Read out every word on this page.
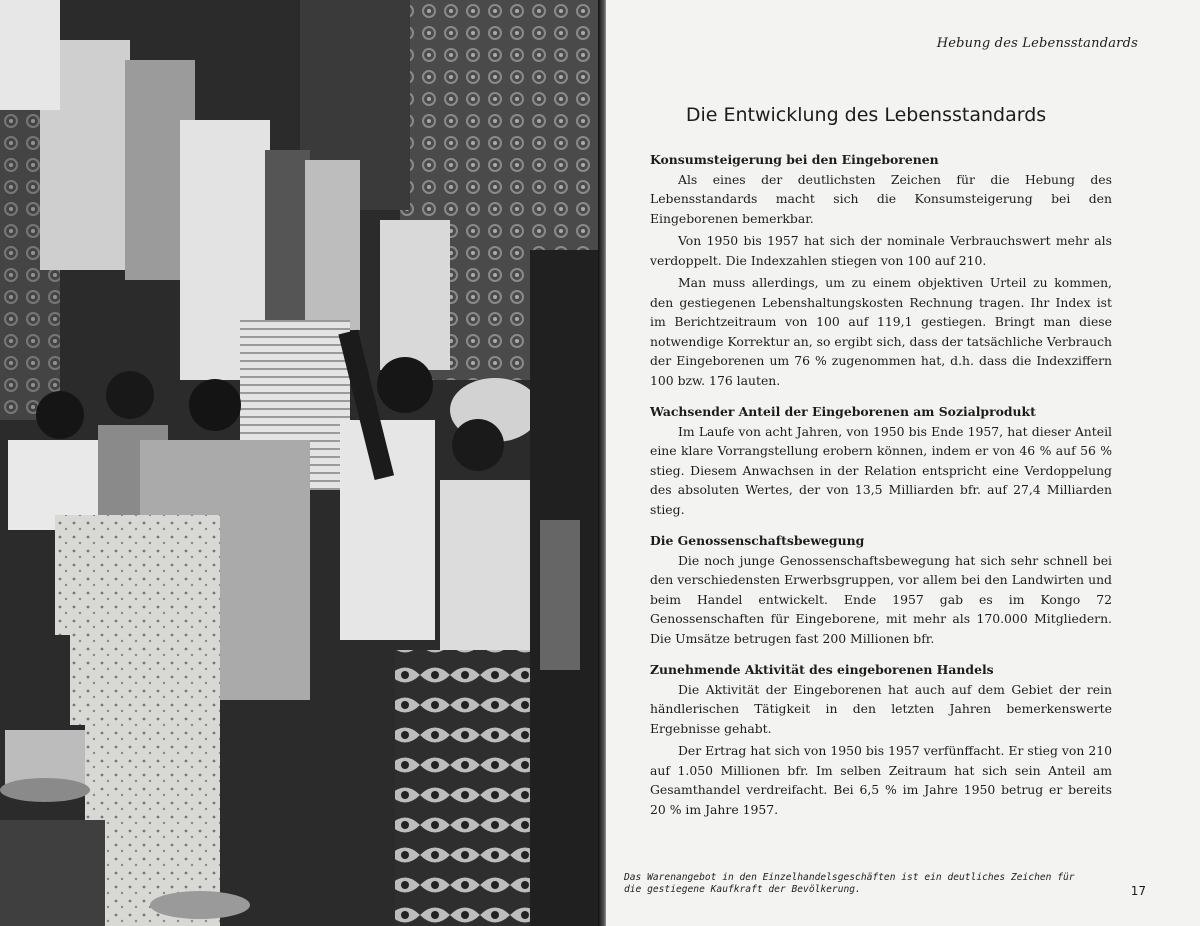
Hebung des Lebensstandards
Die Entwicklung des Lebensstandards
Konsumsteigerung bei den Eingeborenen

Als eines der deutlichsten Zeichen für die Hebung des Lebensstandards macht sich die Konsumsteigerung bei den Eingeborenen bemerkbar.

Von 1950 bis 1957 hat sich der nominale Verbrauchswert mehr als verdoppelt. Die Indexzahlen stiegen von 100 auf 210.

Man muss allerdings, um zu einem objektiven Urteil zu kommen, den gestiegenen Lebenshaltungskosten Rechnung tragen. Ihr Index ist im Berichtzeitraum von 100 auf 119,1 gestiegen. Bringt man diese notwendige Korrektur an, so ergibt sich, dass der tatsächliche Verbrauch der Eingeborenen um 76 % zugenommen hat, d.h. dass die Indexziffern 100 bzw. 176 lauten.

Wachsender Anteil der Eingeborenen am Sozialprodukt

Im Laufe von acht Jahren, von 1950 bis Ende 1957, hat dieser Anteil eine klare Vorrangstellung erobern können, indem er von 46 % auf 56 % stieg. Diesem Anwachsen in der Relation entspricht eine Verdoppelung des absoluten Wertes, der von 13,5 Milliarden bfr. auf 27,4 Milliarden stieg.

Die Genossenschaftsbewegung

Die noch junge Genossenschaftsbewegung hat sich sehr schnell bei den verschiedensten Erwerbsgruppen, vor allem bei den Landwirten und beim Handel entwickelt. Ende 1957 gab es im Kongo 72 Genossenschaften für Eingeborene, mit mehr als 170.000 Mitgliedern. Die Umsätze betrugen fast 200 Millionen bfr.

Zunehmende Aktivität des eingeborenen Handels

Die Aktivität der Eingeborenen hat auch auf dem Gebiet der rein händlerischen Tätigkeit in den letzten Jahren bemerkenswerte Ergebnisse gehabt.

Der Ertrag hat sich von 1950 bis 1957 verfünffacht. Er stieg von 210 auf 1.050 Millionen bfr. Im selben Zeitraum hat sich sein Anteil am Gesamthandel verdreifacht. Bei 6,5 % im Jahre 1950 betrug er bereits 20 % im Jahre 1957.

Das Warenangebot in den Einzelhandelsgeschäften ist ein deutliches Zeichen für die gestiegene Kaufkraft der Bevölkerung.	17
